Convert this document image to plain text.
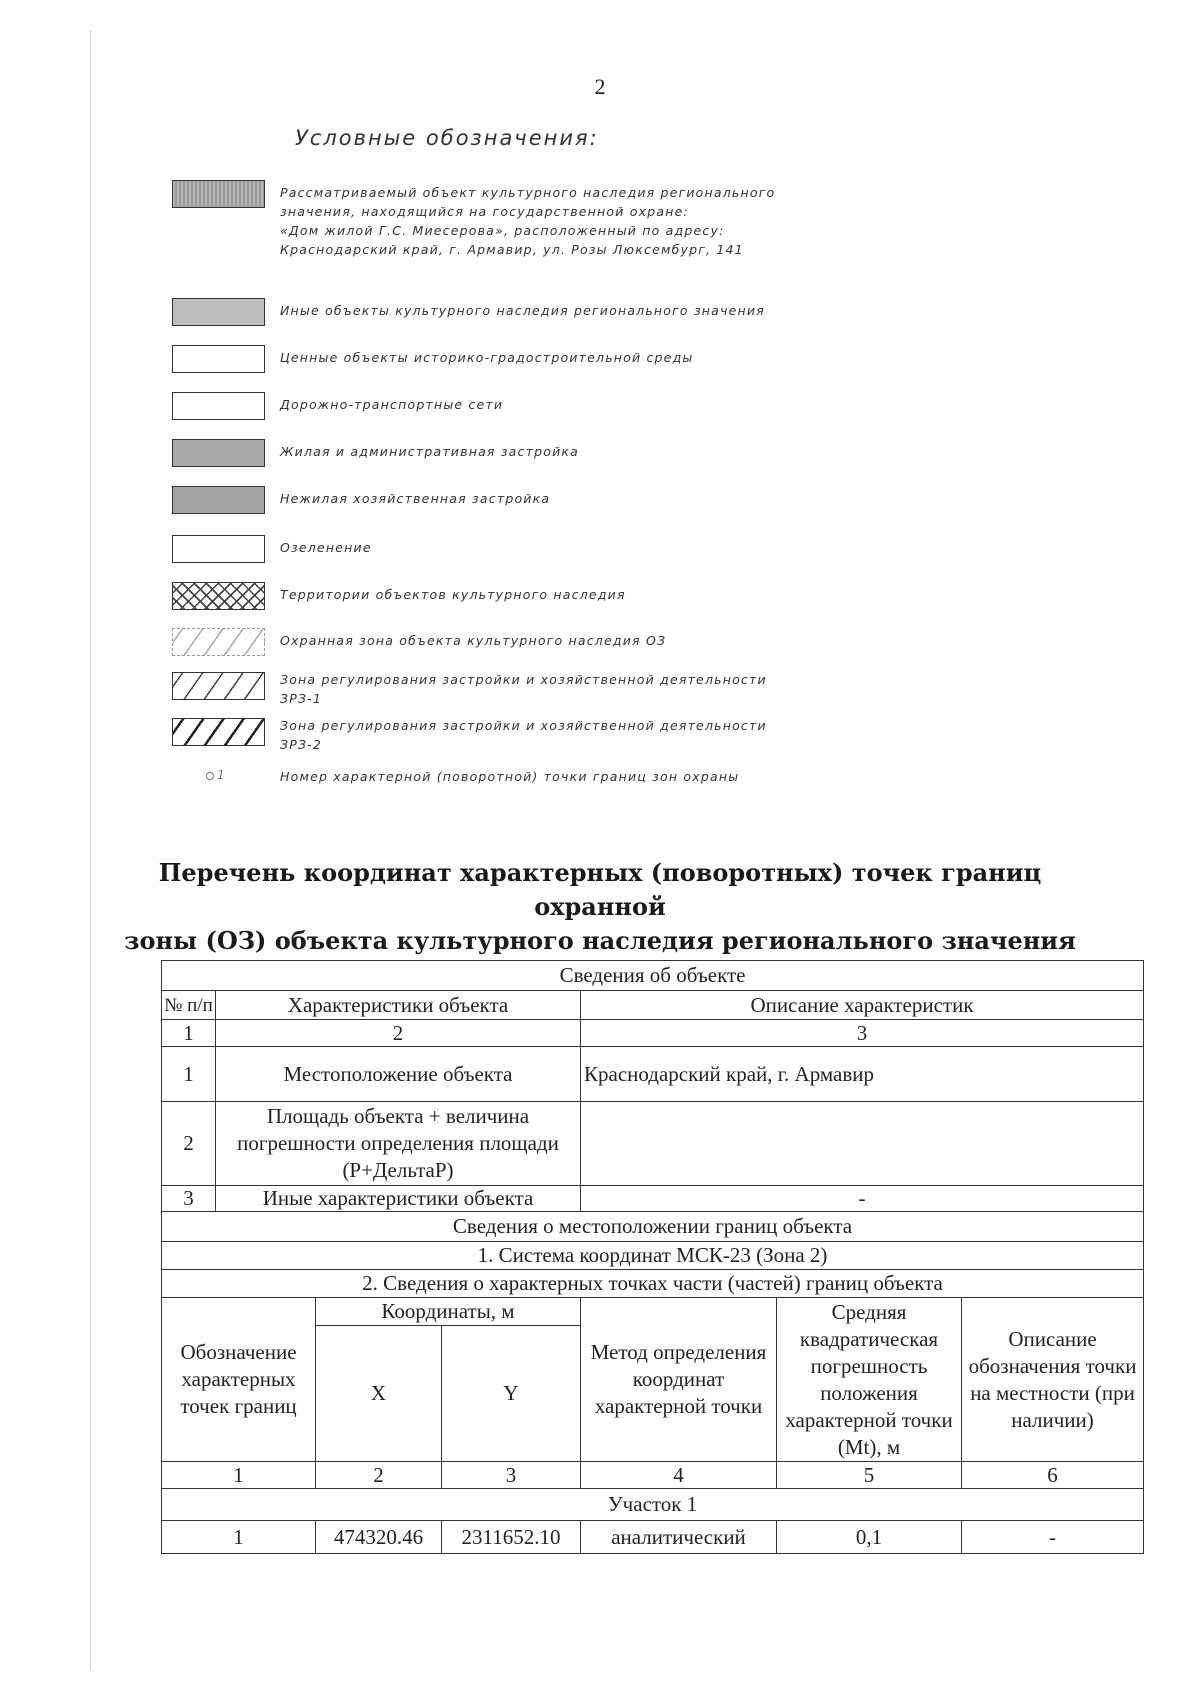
2
Условные обозначения:
Рассматриваемый объект культурного наследия регионального
значения, находящийся на государственной охране:
«Дом жилой Г.С. Миесерова», расположенный по адресу:
Краснодарский край, г. Армавир, ул. Розы Люксембург, 141
Иные объекты культурного наследия регионального значения
Ценные объекты историко-градостроительной среды
Дорожно-транспортные сети
Жилая и административная застройка
Нежилая хозяйственная застройка
Озеленение
Территории объектов культурного наследия
Охранная зона объекта культурного наследия ОЗ
Зона регулирования застройки и хозяйственной деятельности
ЗРЗ-1
Зона регулирования застройки и хозяйственной деятельности
ЗРЗ-2
1	Номер характерной (поворотной) точки границ зон охраны
Перечень координат характерных (поворотных) точек границ охранной
зоны (ОЗ) объекта культурного наследия регионального значения
Сведения об объекте						
№ п/п	Характеристики объекта			Описание характеристик		
1	2			3		
1	Местоположение объекта			Краснодарский край, г. Армавир		
2	Площадь объекта + величина погрешности определения площади (P+ДельтаP)					
3	Иные характеристики объекта			-		
Сведения о местоположении границ объекта						
1. Система координат МСК-23 (Зона 2)						
2. Сведения о характерных точках части (частей) границ объекта						
Обозначение характерных точек границ		Координаты, м		Метод определения координат характерной точки	Средняя квадратическая погрешность положения характерной точки (Mt), м	Описание обозначения точки на местности (при наличии)
		X	Y			
1		2	3	4	5	6
Участок 1						
1		474320.46	2311652.10	аналитический	0,1	-
